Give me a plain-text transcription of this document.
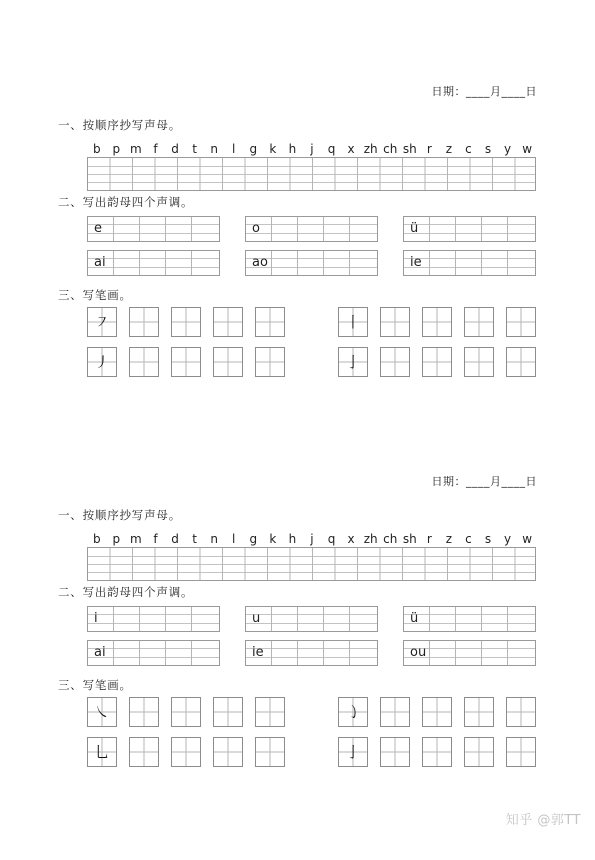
日期：____月____日
一、按顺序抄写声母。
b p m f	d	t	n	l	g	k	h	j	q	x zh ch sh r	z	c	s	y w
二、写出韵母四个声调。
e	o	ü
ai	ao	ie
三、写笔画。
㇇	丨
㇓	亅
日期：____月____日
一、按顺序抄写声母。
b p m f	d	t	n	l	g	k	h	j	q	x zh ch sh r	z	c	s	y w
二、写出韵母四个声调。
i	u	ü
ai	ie	ou
三、写笔画。
㇏	㇁
乚	亅
知乎 @郭TT
